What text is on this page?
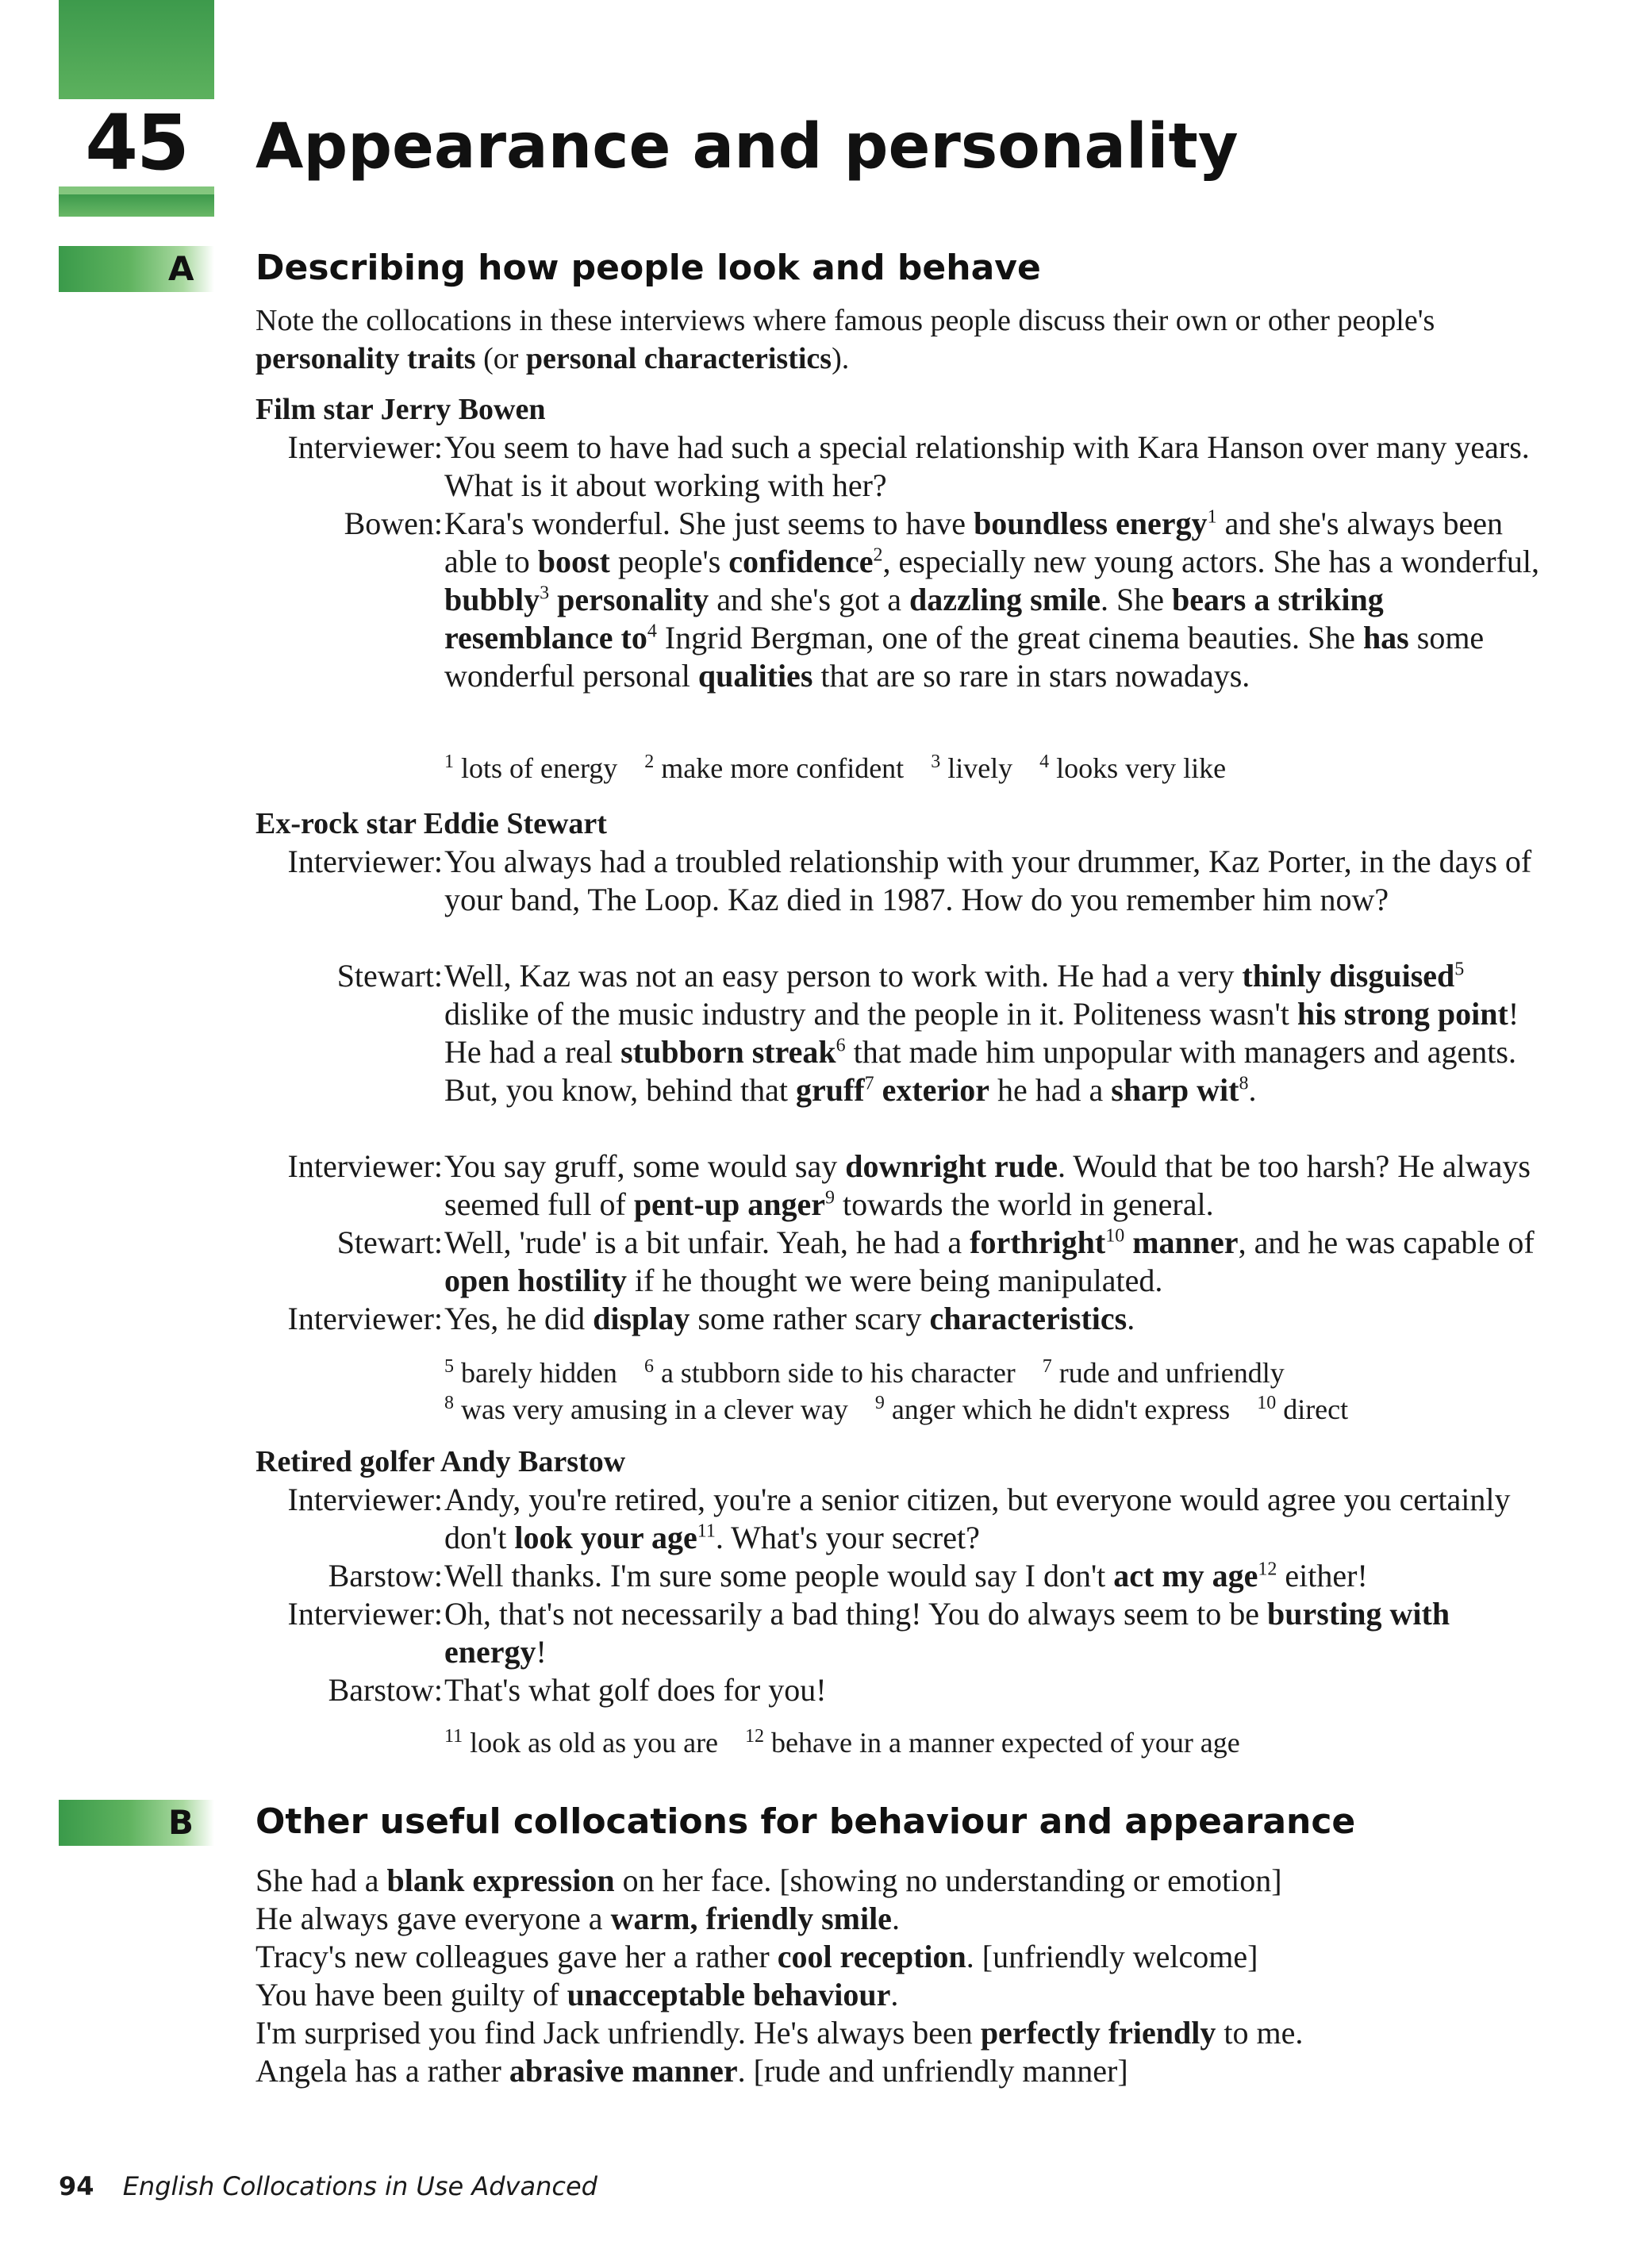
45	Appearance and personality
A Describing how people look and behave

Note the collocations in these interviews where famous people discuss their own or other people's personality traits (or personal characteristics).

Film star Jerry Bowen
Interviewer: You seem to have had such a special relationship with Kara Hanson over many years. What is it about working with her?

Bowen: Kara's wonderful. She just seems to have boundless energy$^1$ and she's always been able to boost people's confidence$^2$, especially new young actors. She has a wonderful, bubbly$^3$ personality and she's got a dazzling smile. She bears a striking resemblance $to^4$ Ingrid Bergman, one of the great cinema beauties. She has some wonderful personal qualities that are so rare in stars nowadays.

$^1$ lots of energy $^2$ make more confident $^3$ lively $^4$ looks very like
Ex-rock star Eddie Stewart
Interviewer: You always had a troubled relationship with your drummer, Kaz Porter, in the days of your band, The Loop. Kaz died in 1987. How do you remember him now?

Stewart: Well, Kaz was not an easy person to work with. He had a very thinly disguised$^5$ dislike of the music industry and the people in it. Politeness wasn't his strong point! He had a real stubborn streak$^6$ that made him unpopular with managers and agents. But, you know, behind that gruff$^7$ exterior he had a sharp wit$^8$.

Interviewer: You say gruff, some would say downright rude. Would that be too harsh? He always seemed full of pent-up anger$^9$ towards the world in general.

Stewart: Well, 'rude' is a bit unfair. Yeah, he had a forthright$^{10}$ manner, and he was capable of open hostility if he thought we were being manipulated.

Interviewer: Yes, he did display some rather scary characteristics.

$^5$ barely hidden $^6$ a stubborn side to his character $^7$ rude and unfriendly
$^8$ was very amusing in a clever way $^9$ anger which he didn't express $^{10}$ direct
Retired golfer Andy Barstow
Interviewer: Andy, you're retired, you're a senior citizen, but everyone would agree you certainly don't look your age$^{11}$. What's your secret?

Barstow: Well thanks. I'm sure some people would say I don't act my age$^{12}$ either!

Interviewer: Oh, that's not necessarily a bad thing! You do always seem to be bursting with energy!

Barstow: That's what golf does for you!

$^{11}$ look as old as you are $^{12}$ behave in a manner expected of your age
B Other useful collocations for behaviour and appearance
She had a blank expression on her face. [showing no understanding or emotion]
He always gave everyone a warm, friendly smile.
Tracy's new colleagues gave her a rather cool reception. [unfriendly welcome]
You have been guilty of unacceptable behaviour.
I'm surprised you find Jack unfriendly. He's always been perfectly friendly to me.
Angela has a rather abrasive manner. [rude and unfriendly manner]
94 English Collocations in Use Advanced
